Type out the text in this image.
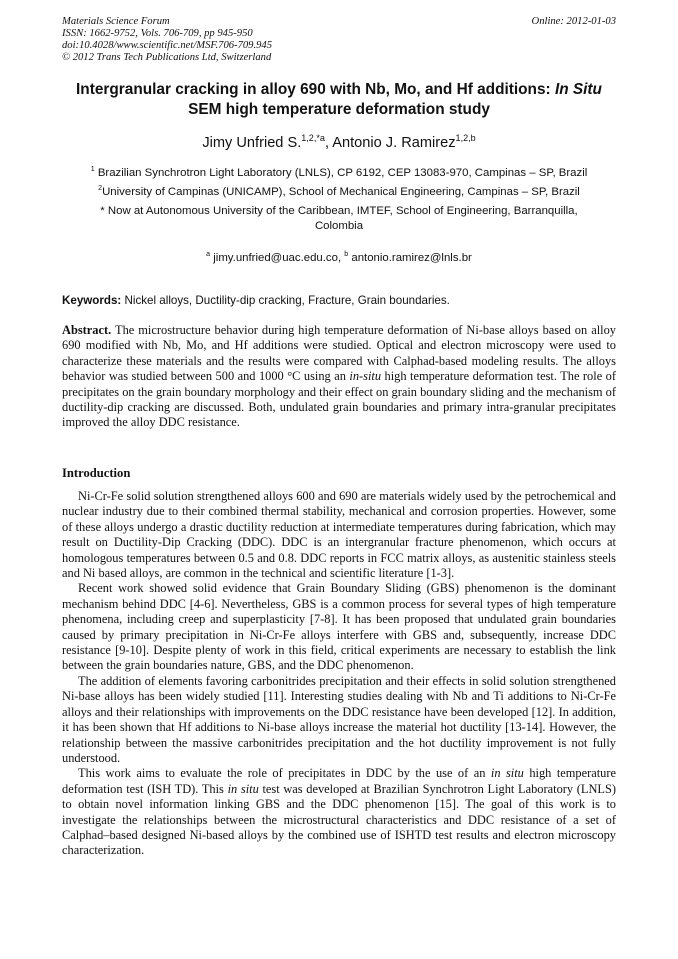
Materials Science Forum
ISSN: 1662-9752, Vols. 706-709, pp 945-950
doi:10.4028/www.scientific.net/MSF.706-709.945
© 2012 Trans Tech Publications Ltd, Switzerland
Online: 2012-01-03
Intergranular cracking in alloy 690 with Nb, Mo, and Hf additions: In Situ
SEM high temperature deformation study
Jimy Unfried S.$^{1,2,*a}$, Antonio J. Ramirez$^{1,2,b}$
$^1$ Brazilian Synchrotron Light Laboratory (LNLS), CP 6192, CEP 13083-970, Campinas – SP, Brazil
$^2$University of Campinas (UNICAMP), School of Mechanical Engineering, Campinas – SP, Brazil
* Now at Autonomous University of the Caribbean, IMTEF, School of Engineering, Barranquilla, Colombia
$^a$ jimy.unfried@uac.edu.co, $^b$ antonio.ramirez@lnls.br
Keywords: Nickel alloys, Ductility-dip cracking, Fracture, Grain boundaries.

Abstract. The microstructure behavior during high temperature deformation of Ni-base alloys based on alloy 690 modified with Nb, Mo, and Hf additions were studied. Optical and electron microscopy were used to characterize these materials and the results were compared with Calphad-based modeling results. The alloys behavior was studied between 500 and 1000 °C using an in-situ high temperature deformation test. The role of precipitates on the grain boundary morphology and their effect on grain boundary sliding and the mechanism of ductility-dip cracking are discussed. Both, undulated grain boundaries and primary intra-granular precipitates improved the alloy DDC resistance.

Introduction

Ni-Cr-Fe solid solution strengthened alloys 600 and 690 are materials widely used by the petrochemical and nuclear industry due to their combined thermal stability, mechanical and corrosion properties. However, some of these alloys undergo a drastic ductility reduction at intermediate temperatures during fabrication, which may result on Ductility-Dip Cracking (DDC). DDC is an intergranular fracture phenomenon, which occurs at homologous temperatures between 0.5 and 0.8. DDC reports in FCC matrix alloys, as austenitic stainless steels and Ni based alloys, are common in the technical and scientific literature [1-3].

Recent work showed solid evidence that Grain Boundary Sliding (GBS) phenomenon is the dominant mechanism behind DDC [4-6]. Nevertheless, GBS is a common process for several types of high temperature phenomena, including creep and superplasticity [7-8]. It has been proposed that undulated grain boundaries caused by primary precipitation in Ni-Cr-Fe alloys interfere with GBS and, subsequently, increase DDC resistance [9-10]. Despite plenty of work in this field, critical experiments are necessary to establish the link between the grain boundaries nature, GBS, and the DDC phenomenon.

The addition of elements favoring carbonitrides precipitation and their effects in solid solution strengthened Ni-base alloys has been widely studied [11]. Interesting studies dealing with Nb and Ti additions to Ni-Cr-Fe alloys and their relationships with improvements on the DDC resistance have been developed [12]. In addition, it has been shown that Hf additions to Ni-base alloys increase the material hot ductility [13-14]. However, the relationship between the massive carbonitrides precipitation and the hot ductility improvement is not fully understood.

This work aims to evaluate the role of precipitates in DDC by the use of an in situ high temperature deformation test (ISH TD). This in situ test was developed at Brazilian Synchrotron Light Laboratory (LNLS) to obtain novel information linking GBS and the DDC phenomenon [15]. The goal of this work is to investigate the relationships between the microstructural characteristics and DDC resistance of a set of Calphad–based designed Ni-based alloys by the combined use of ISHTD test results and electron microscopy characterization.
